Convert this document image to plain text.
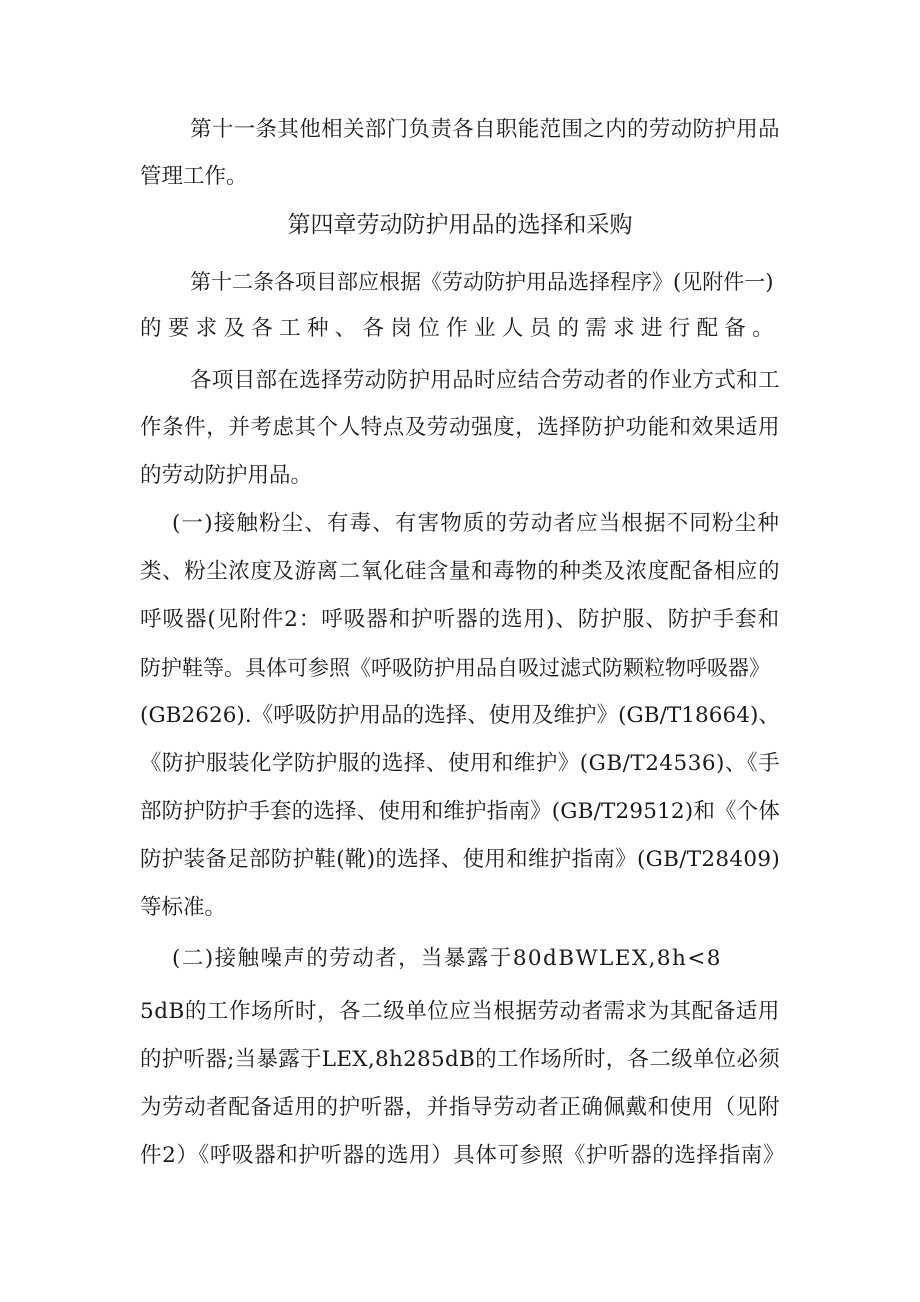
第十一条其他相关部门负责各自职能范围之内的劳动防护用品

管理工作。

第四章劳动防护用品的选择和采购

第十二条各项目部应根据《劳动防护用品选择程序》(见附件一)

的要求及各工种、各岗位作业人员的需求进行配备。

各项目部在选择劳动防护用品时应结合劳动者的作业方式和工

作条件，并考虑其个人特点及劳动强度，选择防护功能和效果适用

的劳动防护用品。

(一)接触粉尘、有毒、有害物质的劳动者应当根据不同粉尘种

类、粉尘浓度及游离二氧化硅含量和毒物的种类及浓度配备相应的

呼吸器(见附件2：呼吸器和护听器的选用)、防护服、防护手套和

防护鞋等。具体可参照《呼吸防护用品自吸过滤式防颗粒物呼吸器》

(GB2626).《呼吸防护用品的选择、使用及维护》(GB/T18664)、

《防护服装化学防护服的选择、使用和维护》(GB/T24536)、《手

部防护防护手套的选择、使用和维护指南》(GB/T29512)和《个体

防护装备足部防护鞋(靴)的选择、使用和维护指南》(GB/T28409)

等标准。

(二)接触噪声的劳动者，当暴露于80dBWLEX,8h<8

5dB的工作场所时，各二级单位应当根据劳动者需求为其配备适用

的护听器;当暴露于LEX,8h285dB的工作场所时，各二级单位必须

为劳动者配备适用的护听器，并指导劳动者正确佩戴和使用（见附

件2）《呼吸器和护听器的选用）具体可参照《护听器的选择指南》
